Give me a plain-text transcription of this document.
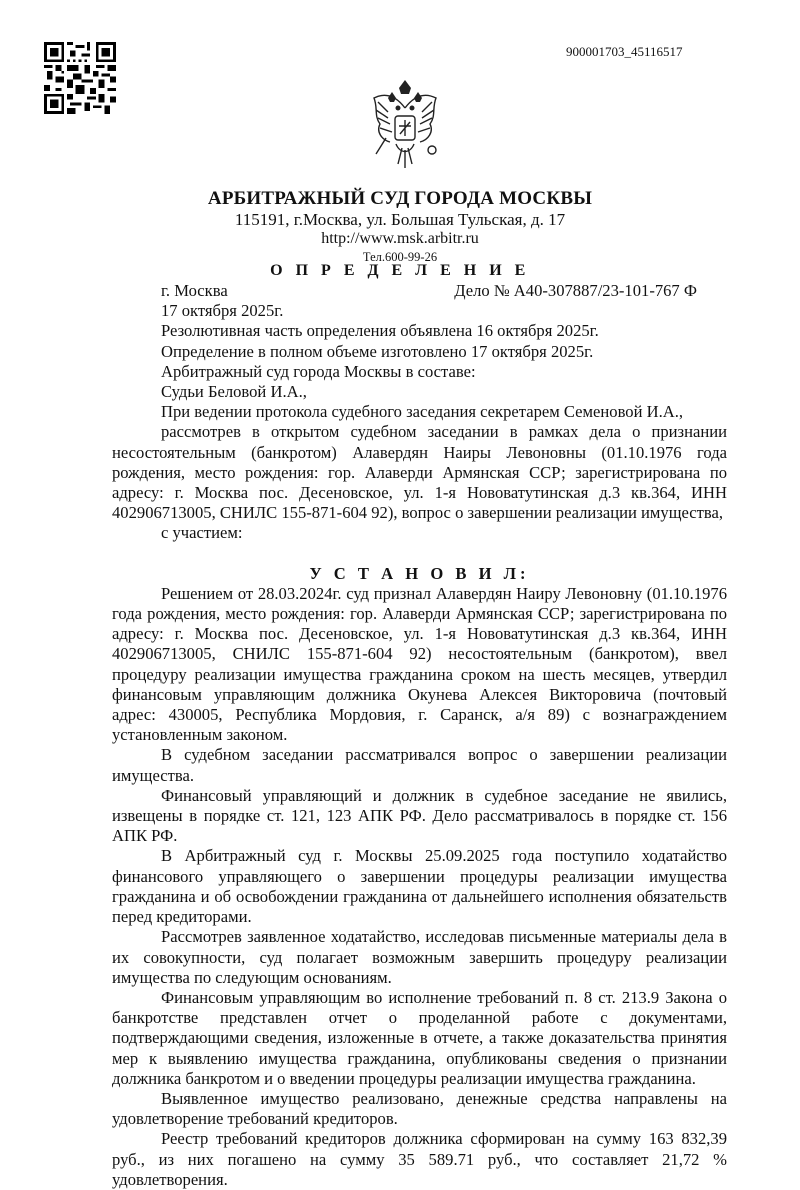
900001703_45116517
АРБИТРАЖНЫЙ СУД ГОРОДА МОСКВЫ
115191, г.Москва, ул. Большая Тульская, д. 17
http://www.msk.arbitr.ru
Тел.600-99-26
О П Р Е Д Е Л Е Н И Е
г. Москва	Дело № А40-307887/23-101-767 Ф
17 октября 2025г.
Резолютивная часть определения объявлена 16 октября 2025г.
Определение в полном объеме изготовлено 17 октября 2025г.
Арбитражный суд города Москвы в составе:
Судьи Беловой И.А.,

При ведении протокола судебного заседания секретарем Семеновой И.А.,

рассмотрев в открытом судебном заседании в рамках дела о признании несостоятельным (банкротом) Алавердян Наиры Левоновны (01.10.1976 года рождения, место рождения: гор. Алаверди Армянская ССР; зарегистрирована по адресу: г. Москва пос. Десеновское, ул. 1-я Нововатутинская д.3 кв.364, ИНН 402906713005, СНИЛС 155-871-604 92), вопрос о завершении реализации имущества,

с участием:

У С Т А Н О В И Л:

Решением от 28.03.2024г. суд признал Алавердян Наиру Левоновну (01.10.1976 года рождения, место рождения: гор. Алаверди Армянская ССР; зарегистрирована по адресу: г. Москва пос. Десеновское, ул. 1-я Нововатутинская д.3 кв.364, ИНН 402906713005, СНИЛС 155-871-604 92) несостоятельным (банкротом), ввел процедуру реализации имущества гражданина сроком на шесть месяцев, утвердил финансовым управляющим должника Окунева Алексея Викторовича (почтовый адрес: 430005, Республика Мордовия, г. Саранск, а/я 89) с вознаграждением установленным законом.

В судебном заседании рассматривался вопрос о завершении реализации имущества.

Финансовый управляющий и должник в судебное заседание не явились, извещены в порядке ст. 121, 123 АПК РФ. Дело рассматривалось в порядке ст. 156 АПК РФ.

В Арбитражный суд г. Москвы 25.09.2025 года поступило ходатайство финансового управляющего о завершении процедуры реализации имущества гражданина и об освобождении гражданина от дальнейшего исполнения обязательств перед кредиторами.

Рассмотрев заявленное ходатайство, исследовав письменные материалы дела в их совокупности, суд полагает возможным завершить процедуру реализации имущества по следующим основаниям.

Финансовым управляющим во исполнение требований п. 8 ст. 213.9 Закона о банкротстве представлен отчет о проделанной работе с документами, подтверждающими сведения, изложенные в отчете, а также доказательства принятия мер к выявлению имущества гражданина, опубликованы сведения о признании должника банкротом и о введении процедуры реализации имущества гражданина.

Выявленное имущество реализовано, денежные средства направлены на удовлетворение требований кредиторов.

Реестр требований кредиторов должника сформирован на сумму 163 832,39 руб., из них погашено на сумму 35 589.71 руб., что составляет 21,72 % удовлетворения.
